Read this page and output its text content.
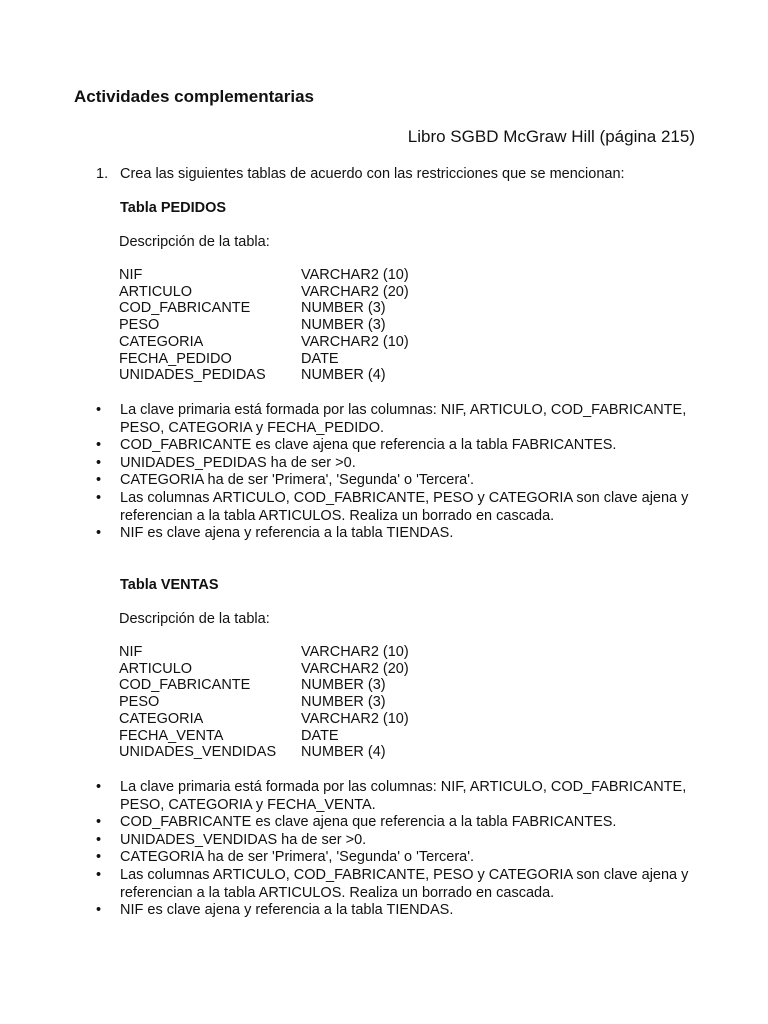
Actividades complementarias
Libro SGBD McGraw Hill (página 215)
1. Crea las siguientes tablas de acuerdo con las restricciones que se mencionan:
Tabla PEDIDOS
Descripción de la tabla:
NIF	VARCHAR2 (10)
ARTICULO	VARCHAR2 (20)
COD_FABRICANTE	NUMBER (3)
PESO	NUMBER (3)
CATEGORIA	VARCHAR2 (10)
FECHA_PEDIDO	DATE
UNIDADES_PEDIDAS	NUMBER (4)
• La clave primaria está formada por las columnas: NIF, ARTICULO, COD_FABRICANTE, PESO, CATEGORIA y FECHA_PEDIDO.
• COD_FABRICANTE es clave ajena que referencia a la tabla FABRICANTES.
• UNIDADES_PEDIDAS ha de ser >0.
• CATEGORIA ha de ser 'Primera', 'Segunda' o 'Tercera'.
• Las columnas ARTICULO, COD_FABRICANTE, PESO y CATEGORIA son clave ajena y referencian a la tabla ARTICULOS. Realiza un borrado en cascada.
• NIF es clave ajena y referencia a la tabla TIENDAS.
Tabla VENTAS
Descripción de la tabla:
NIF	VARCHAR2 (10)
ARTICULO	VARCHAR2 (20)
COD_FABRICANTE	NUMBER (3)
PESO	NUMBER (3)
CATEGORIA	VARCHAR2 (10)
FECHA_VENTA	DATE
UNIDADES_VENDIDAS	NUMBER (4)
• La clave primaria está formada por las columnas: NIF, ARTICULO, COD_FABRICANTE, PESO, CATEGORIA y FECHA_VENTA.
• COD_FABRICANTE es clave ajena que referencia a la tabla FABRICANTES.
• UNIDADES_VENDIDAS ha de ser >0.
• CATEGORIA ha de ser 'Primera', 'Segunda' o 'Tercera'.
• Las columnas ARTICULO, COD_FABRICANTE, PESO y CATEGORIA son clave ajena y referencian a la tabla ARTICULOS. Realiza un borrado en cascada.
• NIF es clave ajena y referencia a la tabla TIENDAS.
